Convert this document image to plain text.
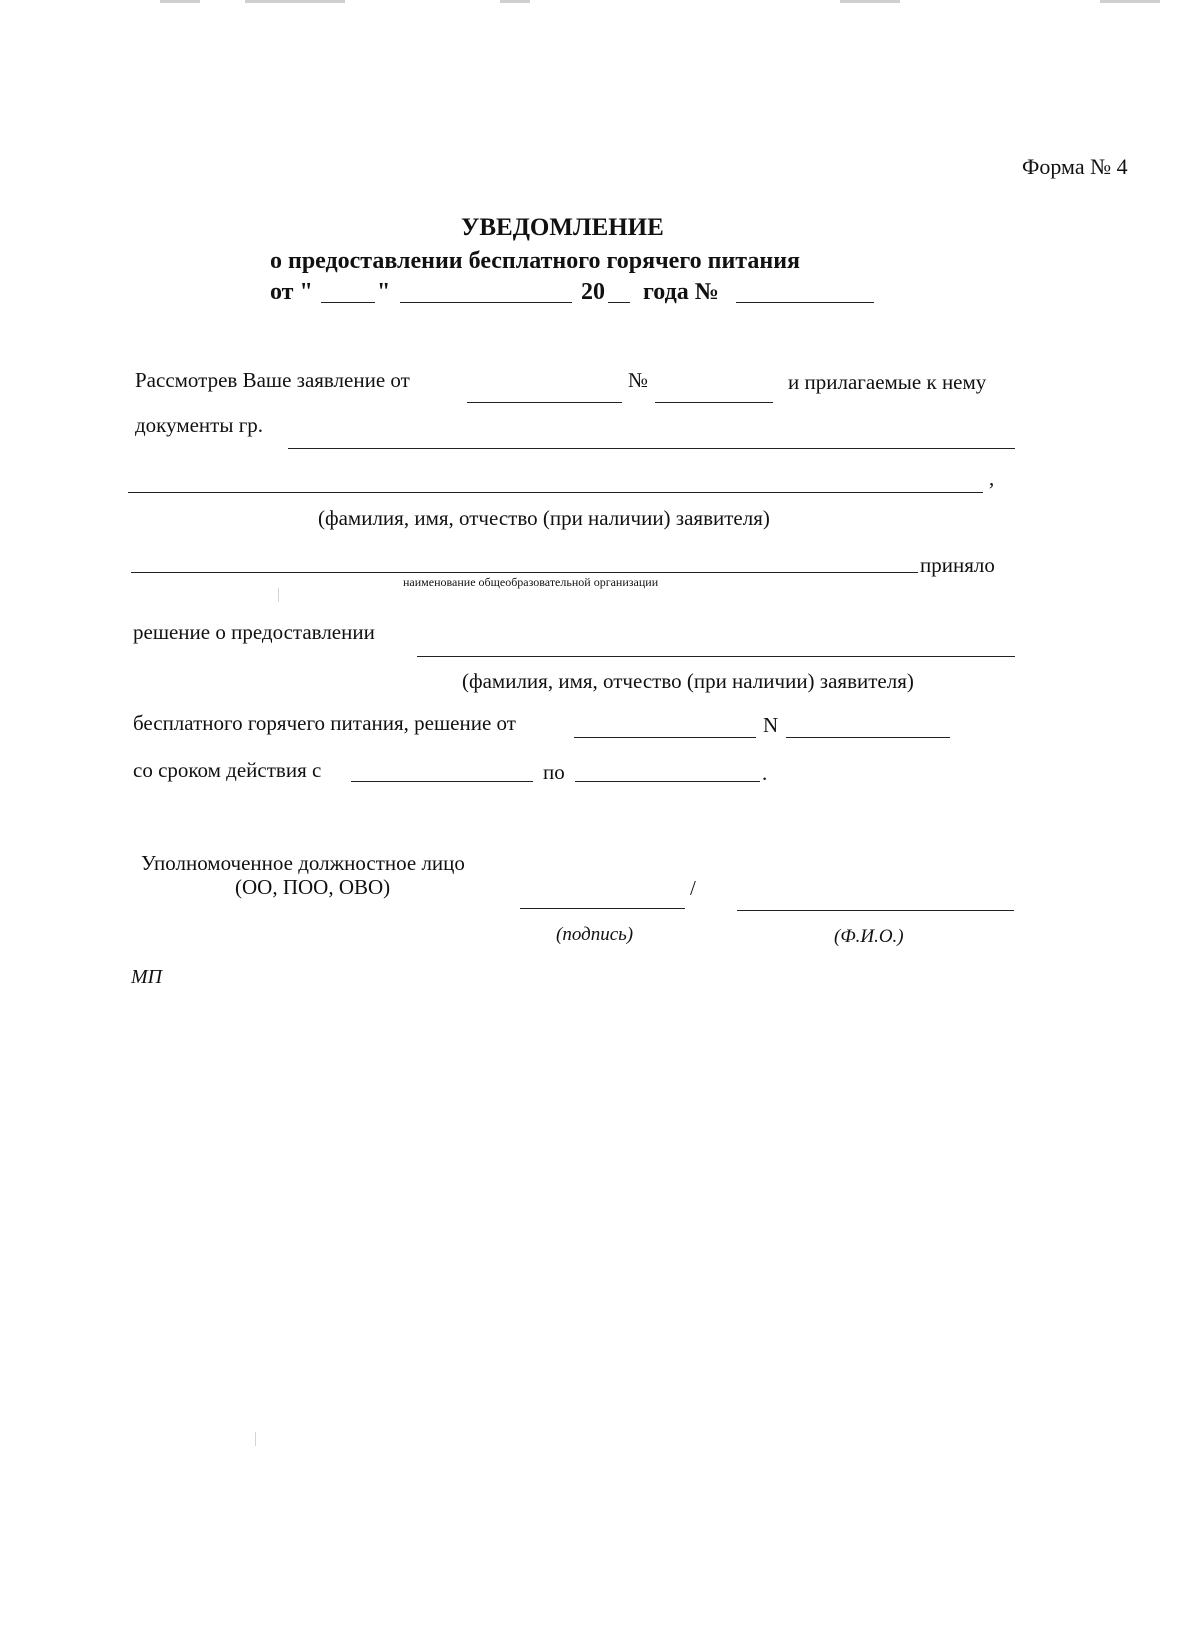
Форма № 4
УВЕДОМЛЕНИЕ
о предоставлении бесплатного горячего питания
от "	"	20 года №
Рассмотрев Ваше заявление от	№	и прилагаемые к нему
документы гр.
,
(фамилия, имя, отчество (при наличии) заявителя)
приняло
наименование общеобразовательной организации
решение о предоставлении
(фамилия, имя, отчество (при наличии) заявителя)
бесплатного горячего питания, решение от	N
со сроком действия с	по	.
Уполномоченное должностное лицо
(ОО, ПОО, ОВО)	/
(подпись)	(Ф.И.О.)
МП
